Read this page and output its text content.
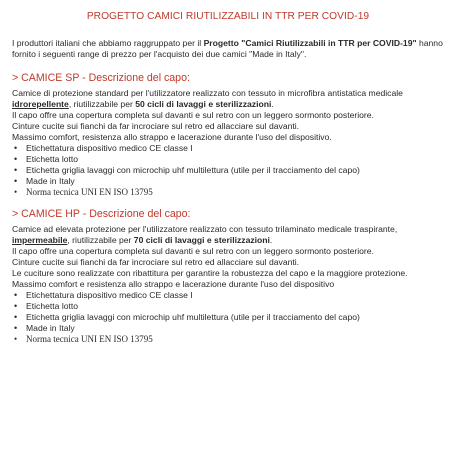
PROGETTO CAMICI RIUTILIZZABILI IN TTR PER COVID-19

I produttori italiani che abbiamo raggruppato per il Progetto "Camici Riutilizzabili in TTR per COVID-19" hanno fornito i seguenti range di prezzo per l'acquisto dei due camici "Made in Italy".

> CAMICE SP - Descrizione del capo:

Camice di protezione standard per l'utilizzatore realizzato con tessuto in microfibra antistatica medicale idrorepellente, riutilizzabile per 50 cicli di lavaggi e sterilizzazioni.

Il capo offre una copertura completa sul davanti e sul retro con un leggero sormonto posteriore.

Cinture cucite sui fianchi da far incrociare sul retro ed allacciare sul davanti.

Massimo comfort, resistenza allo strappo e lacerazione durante l'uso del dispositivo.

• Etichettatura dispositivo medico CE classe I
• Etichetta lotto
• Etichetta griglia lavaggi con microchip uhf multilettura (utile per il tracciamento del capo)
• Made in Italy
• Norma tecnica UNI EN ISO 13795
> CAMICE HP - Descrizione del capo:

Camice ad elevata protezione per l'utilizzatore realizzato con tessuto trilaminato medicale traspirante, impermeabile, riutilizzabile per 70 cicli di lavaggi e sterilizzazioni.

Il capo offre una copertura completa sul davanti e sul retro con un leggero sormonto posteriore.

Cinture cucite sui fianchi da far incrociare sul retro ed allacciare sul davanti.

Le cuciture sono realizzate con ribattitura per garantire la robustezza del capo e la maggiore protezione.

Massimo comfort e resistenza allo strappo e lacerazione durante l'uso del dispositivo

• Etichettatura dispositivo medico CE classe I
• Etichetta lotto
• Etichetta griglia lavaggi con microchip uhf multilettura (utile per il tracciamento del capo)
• Made in Italy
• Norma tecnica UNI EN ISO 13795
